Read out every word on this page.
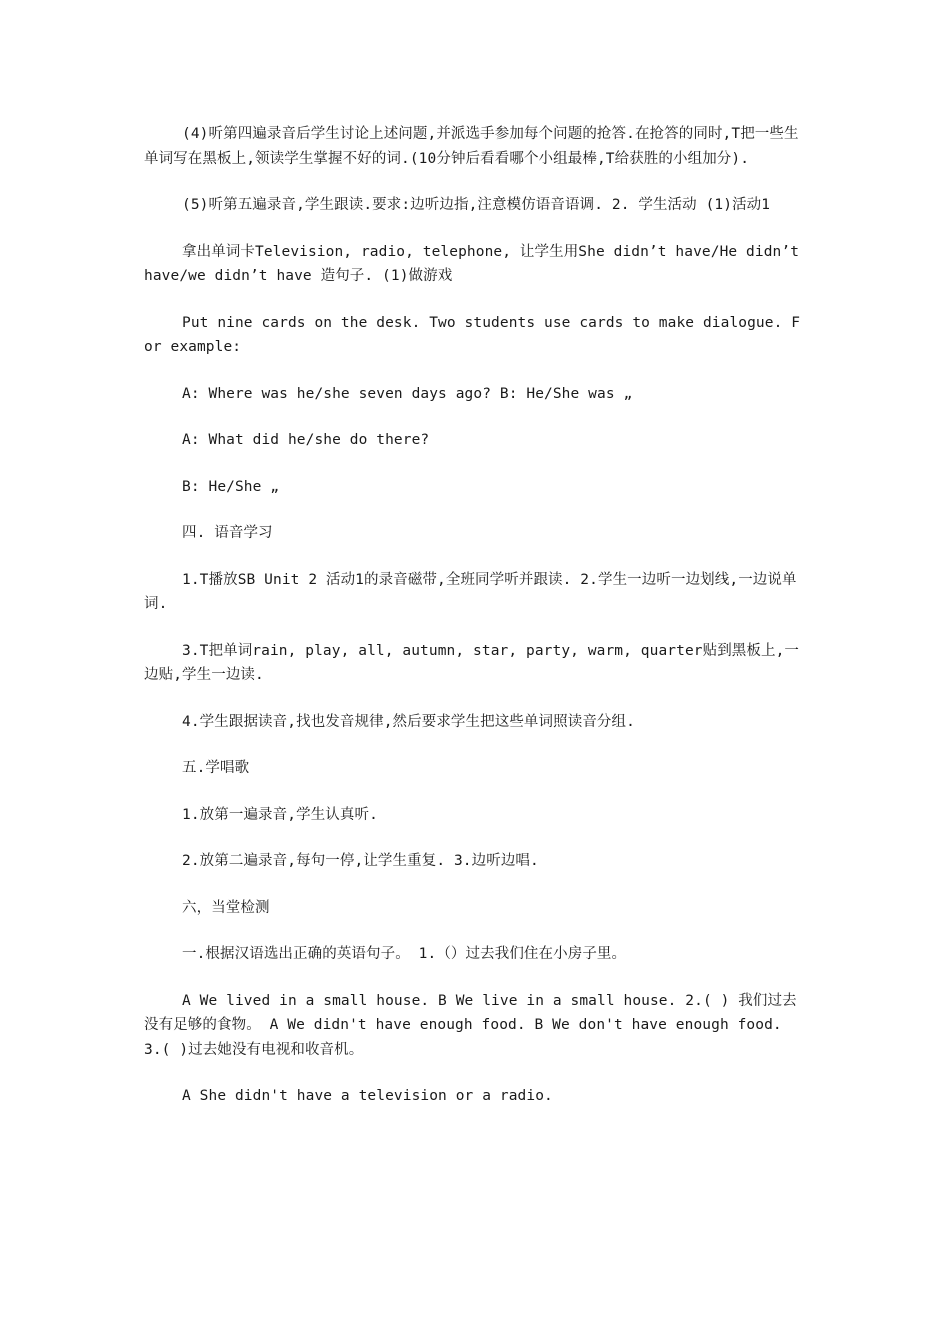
(4)听第四遍录音后学生讨论上述问题,并派选手参加每个问题的抢答.在抢答的同时,T把一些生单词写在黑板上,领读学生掌握不好的词.(10分钟后看看哪个小组最棒,T给获胜的小组加分).

(5)听第五遍录音,学生跟读.要求:边听边指,注意模仿语音语调. 2. 学生活动 (1)活动1

拿出单词卡Television, radio, telephone, 让学生用She didn’t have/He didn’t have/we didn’t have 造句子. (1)做游戏

Put nine cards on the desk. Two students use cards to make dialogue. For example:

A: Where was he/she seven days ago? B: He/She was „

A: What did he/she do there?

B: He/She „

四. 语音学习

1.T播放SB Unit 2 活动1的录音磁带,全班同学听并跟读. 2.学生一边听一边划线,一边说单词.

3.T把单词rain, play, all, autumn, star, party, warm, quarter贴到黑板上,一边贴,学生一边读.

4.学生跟据读音,找也发音规律,然后要求学生把这些单词照读音分组.

五.学唱歌

1.放第一遍录音,学生认真听.

2.放第二遍录音,每句一停,让学生重复. 3.边听边唱.

六，当堂检测

一.根据汉语选出正确的英语句子。 1.（）过去我们住在小房子里。

A We lived in a small house. B We live in a small house. 2.( ) 我们过去没有足够的食物。 A We didn't have enough food. B We don't have enough food. 3.( )过去她没有电视和收音机。

A She didn't have a television or a radio.
